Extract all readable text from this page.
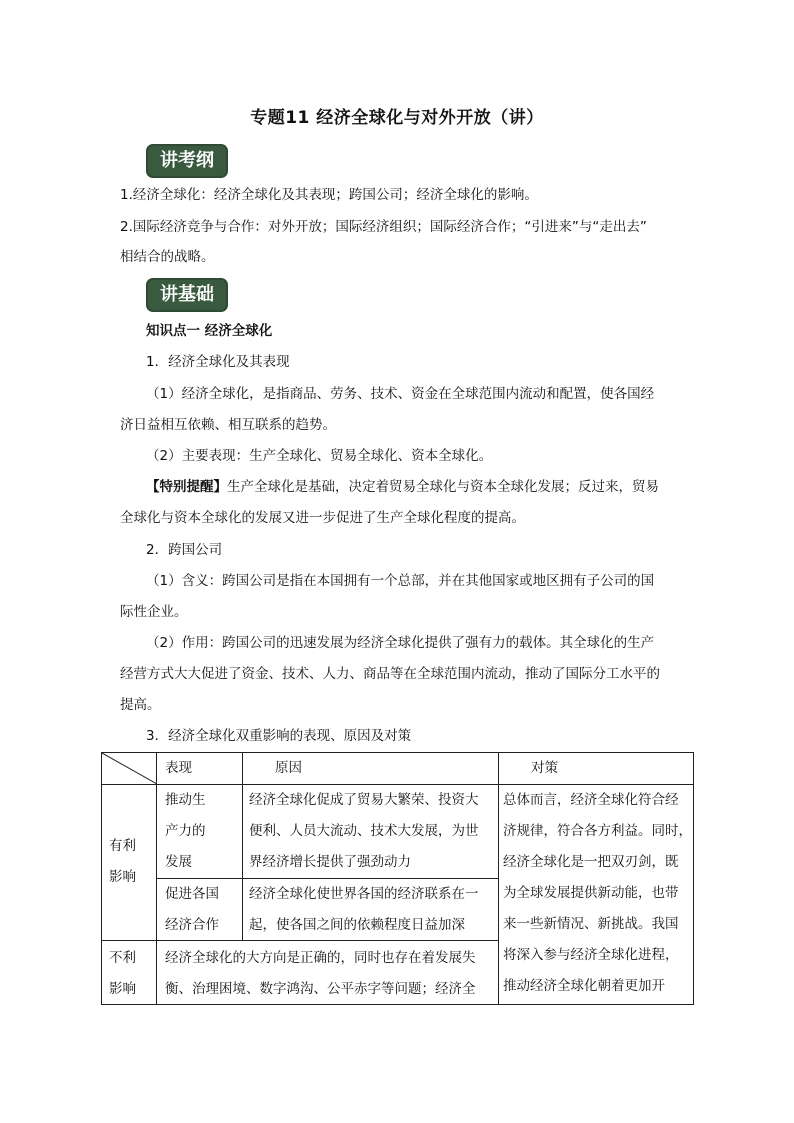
专题11 经济全球化与对外开放（讲）
讲考纲
1.经济全球化：经济全球化及其表现；跨国公司；经济全球化的影响。
2.国际经济竞争与合作：对外开放；国际经济组织；国际经济合作；“引进来”与“走出去”
相结合的战略。
讲基础
知识点一 经济全球化
1．经济全球化及其表现
（1）经济全球化，是指商品、劳务、技术、资金在全球范围内流动和配置，使各国经
济日益相互依赖、相互联系的趋势。
（2）主要表现：生产全球化、贸易全球化、资本全球化。
【特别提醒】生产全球化是基础，决定着贸易全球化与资本全球化发展；反过来，贸易
全球化与资本全球化的发展又进一步促进了生产全球化程度的提高。
2．跨国公司
（1）含义：跨国公司是指在本国拥有一个总部，并在其他国家或地区拥有子公司的国
际性企业。
（2）作用：跨国公司的迅速发展为经济全球化提供了强有力的载体。其全球化的生产
经营方式大大促进了资金、技术、人力、商品等在全球范围内流动，推动了国际分工水平的
提高。
3．经济全球化双重影响的表现、原因及对策
表现	原因	对策
有利
影响
推动生
产力的
发展
经济全球化促成了贸易大繁荣、投资大
便利、人员大流动、技术大发展，为世
界经济增长提供了强劲动力
促进各国
经济合作
经济全球化使世界各国的经济联系在一
起，使各国之间的依赖程度日益加深
不利
影响
经济全球化的大方向是正确的，同时也存在着发展失
衡、治理困境、数字鸿沟、公平赤字等问题；经济全
总体而言，经济全球化符合经
济规律，符合各方利益。同时，
经济全球化是一把双刃剑，既
为全球发展提供新动能，也带
来一些新情况、新挑战。我国
将深入参与经济全球化进程，
推动经济全球化朝着更加开
